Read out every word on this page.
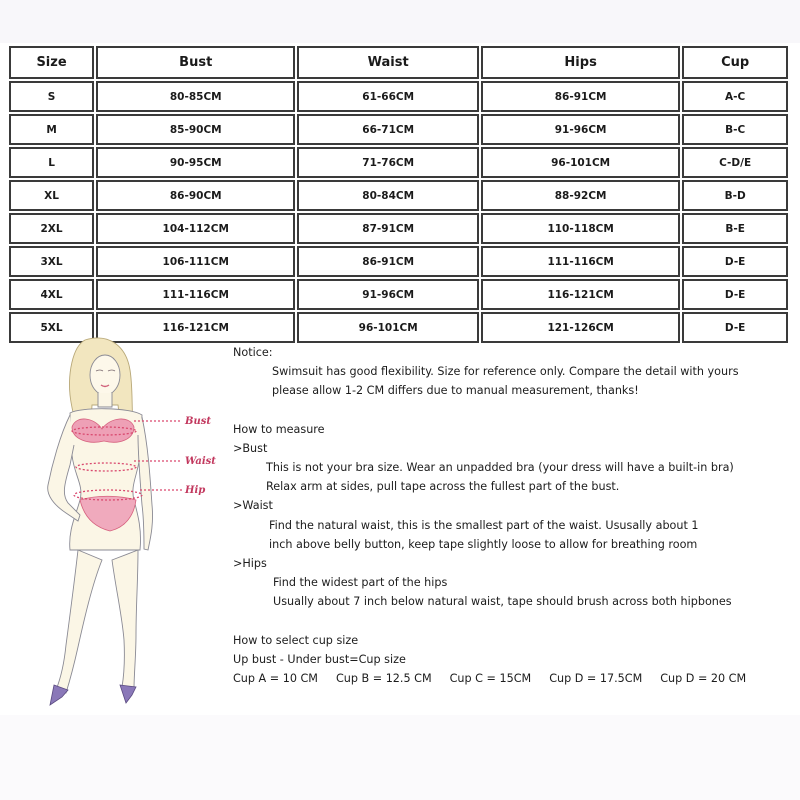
Size	Bust	Waist	Hips	Cup
S	80-85CM	61-66CM	86-91CM	A-C
M	85-90CM	66-71CM	91-96CM	B-C
L	90-95CM	71-76CM	96-101CM	C-D/E
XL	86-90CM	80-84CM	88-92CM	B-D
2XL	104-112CM	87-91CM	110-118CM	B-E
3XL	106-111CM	86-91CM	111-116CM	D-E
4XL	111-116CM	91-96CM	116-121CM	D-E
5XL	116-121CM	96-101CM	121-126CM	D-E
Bust
Waist
Hip
Notice:
Swimsuit has good flexibility. Size for reference only. Compare the detail with yours
please allow 1-2 CM differs due to manual measurement, thanks!
How to measure
>Bust
This is not your bra size. Wear an unpadded bra (your dress will have a built-in bra)
Relax arm at sides, pull tape across the fullest part of the bust.
>Waist
Find the natural waist, this is the smallest part of the waist. Ususally about 1
inch above belly button, keep tape slightly loose to allow for breathing room
>Hips
Find the widest part of the hips
Usually about 7 inch below natural waist, tape should brush across both hipbones
How to select cup size
Up bust - Under bust=Cup size
Cup A = 10 CM Cup B = 12.5 CM Cup C = 15CM Cup D = 17.5CM Cup D = 20 CM
